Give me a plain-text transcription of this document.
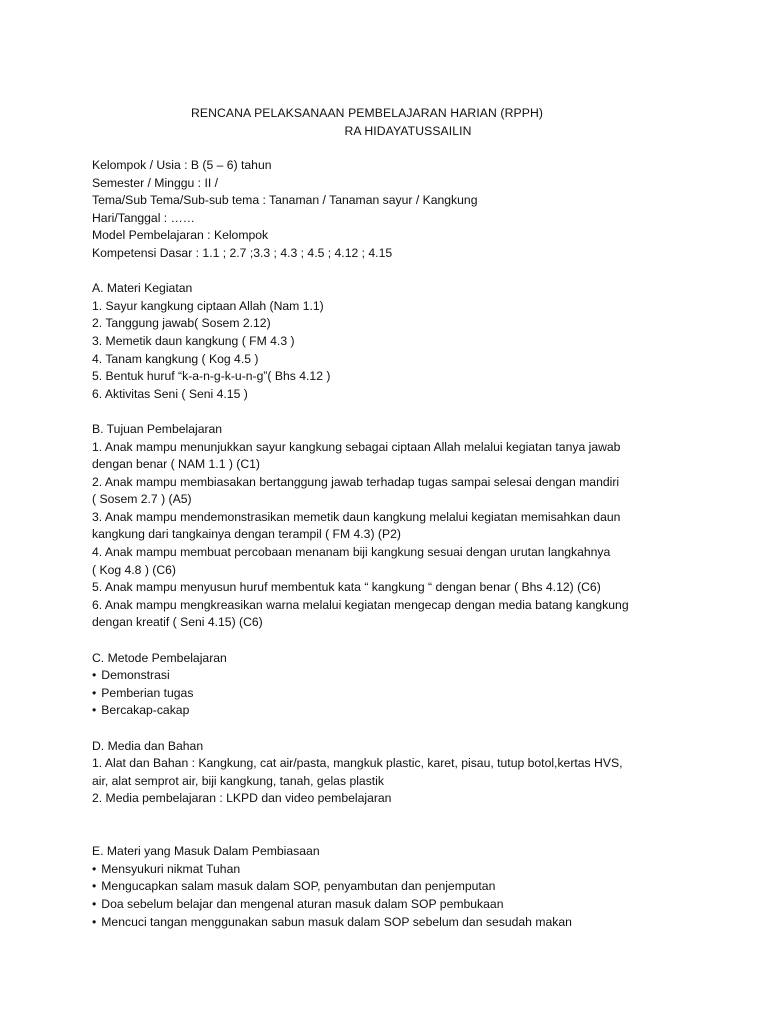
RENCANA PELAKSANAAN PEMBELAJARAN HARIAN (RPPH)
RA HIDAYATUSSAILIN
Kelompok / Usia : B (5 – 6) tahun
Semester / Minggu : II /
Tema/Sub Tema/Sub-sub tema : Tanaman / Tanaman sayur / Kangkung
Hari/Tanggal : ……
Model Pembelajaran : Kelompok
Kompetensi Dasar : 1.1 ; 2.7 ;3.3 ; 4.3 ; 4.5 ; 4.12 ; 4.15
A. Materi Kegiatan
1. Sayur kangkung ciptaan Allah (Nam 1.1)
2. Tanggung jawab( Sosem 2.12)
3. Memetik daun kangkung ( FM 4.3 )
4. Tanam kangkung ( Kog 4.5 )
5. Bentuk huruf “k-a-n-g-k-u-n-g”( Bhs 4.12 )
6. Aktivitas Seni ( Seni 4.15 )
B. Tujuan Pembelajaran
1. Anak mampu menunjukkan sayur kangkung sebagai ciptaan Allah melalui kegiatan tanya jawab
dengan benar ( NAM 1.1 ) (C1)
2. Anak mampu membiasakan bertanggung jawab terhadap tugas sampai selesai dengan mandiri
( Sosem 2.7 ) (A5)
3. Anak mampu mendemonstrasikan memetik daun kangkung melalui kegiatan memisahkan daun
kangkung dari tangkainya dengan terampil ( FM 4.3) (P2)
4. Anak mampu membuat percobaan menanam biji kangkung sesuai dengan urutan langkahnya
( Kog 4.8 ) (C6)
5. Anak mampu menyusun huruf membentuk kata “ kangkung “ dengan benar ( Bhs 4.12) (C6)
6. Anak mampu mengkreasikan warna melalui kegiatan mengecap dengan media batang kangkung
dengan kreatif ( Seni 4.15) (C6)
C. Metode Pembelajaran
• Demonstrasi
• Pemberian tugas
• Bercakap-cakap
D. Media dan Bahan
1. Alat dan Bahan : Kangkung, cat air/pasta, mangkuk plastic, karet, pisau, tutup botol,kertas HVS,
air, alat semprot air, biji kangkung, tanah, gelas plastik
2. Media pembelajaran : LKPD dan video pembelajaran
E. Materi yang Masuk Dalam Pembiasaan
• Mensyukuri nikmat Tuhan
• Mengucapkan salam masuk dalam SOP, penyambutan dan penjemputan
• Doa sebelum belajar dan mengenal aturan masuk dalam SOP pembukaan
• Mencuci tangan menggunakan sabun masuk dalam SOP sebelum dan sesudah makan
